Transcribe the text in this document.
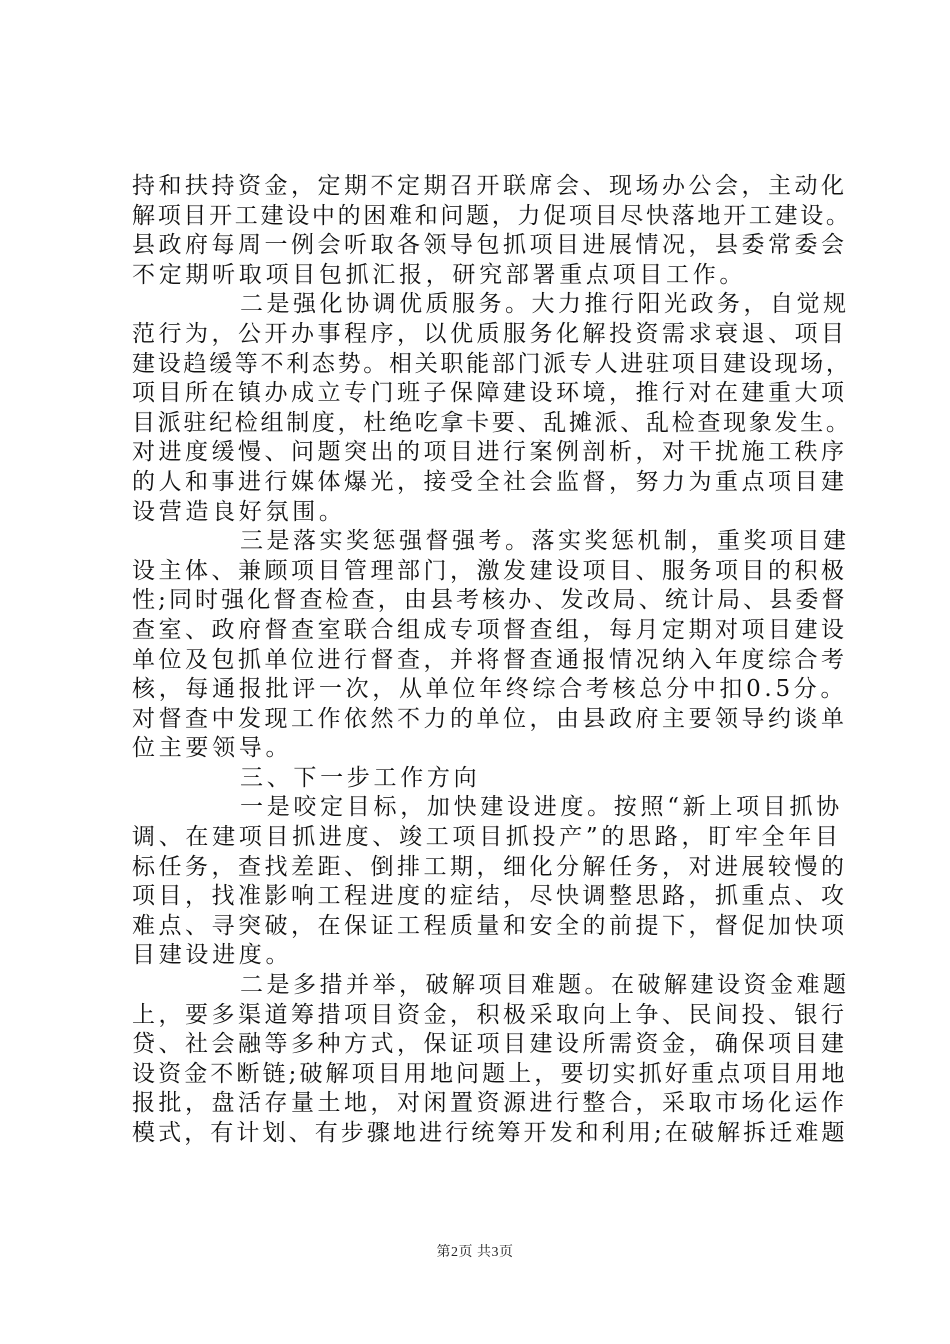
持和扶持资金，定期不定期召开联席会、现场办公会，主动化
解项目开工建设中的困难和问题，力促项目尽快落地开工建设。
县政府每周一例会听取各领导包抓项目进展情况，县委常委会
不定期听取项目包抓汇报，研究部署重点项目工作。
二是强化协调优质服务。大力推行阳光政务，自觉规
范行为，公开办事程序，以优质服务化解投资需求衰退、项目
建设趋缓等不利态势。相关职能部门派专人进驻项目建设现场，
项目所在镇办成立专门班子保障建设环境，推行对在建重大项
目派驻纪检组制度，杜绝吃拿卡要、乱摊派、乱检查现象发生。
对进度缓慢、问题突出的项目进行案例剖析，对干扰施工秩序
的人和事进行媒体爆光，接受全社会监督，努力为重点项目建
设营造良好氛围。
三是落实奖惩强督强考。落实奖惩机制，重奖项目建
设主体、兼顾项目管理部门，激发建设项目、服务项目的积极
性;同时强化督查检查，由县考核办、发改局、统计局、县委督
查室、政府督查室联合组成专项督查组，每月定期对项目建设
单位及包抓单位进行督查，并将督查通报情况纳入年度综合考
核，每通报批评一次，从单位年终综合考核总分中扣0.5分。
对督查中发现工作依然不力的单位，由县政府主要领导约谈单
位主要领导。
三、下一步工作方向
一是咬定目标，加快建设进度。按照“新上项目抓协
调、在建项目抓进度、竣工项目抓投产”的思路，盯牢全年目
标任务，查找差距、倒排工期，细化分解任务，对进展较慢的
项目，找准影响工程进度的症结，尽快调整思路，抓重点、攻
难点、寻突破，在保证工程质量和安全的前提下，督促加快项
目建设进度。
二是多措并举，破解项目难题。在破解建设资金难题
上，要多渠道筹措项目资金，积极采取向上争、民间投、银行
贷、社会融等多种方式，保证项目建设所需资金，确保项目建
设资金不断链;破解项目用地问题上，要切实抓好重点项目用地
报批，盘活存量土地，对闲置资源进行整合，采取市场化运作
模式，有计划、有步骤地进行统筹开发和利用;在破解拆迁难题
第2页 共3页
